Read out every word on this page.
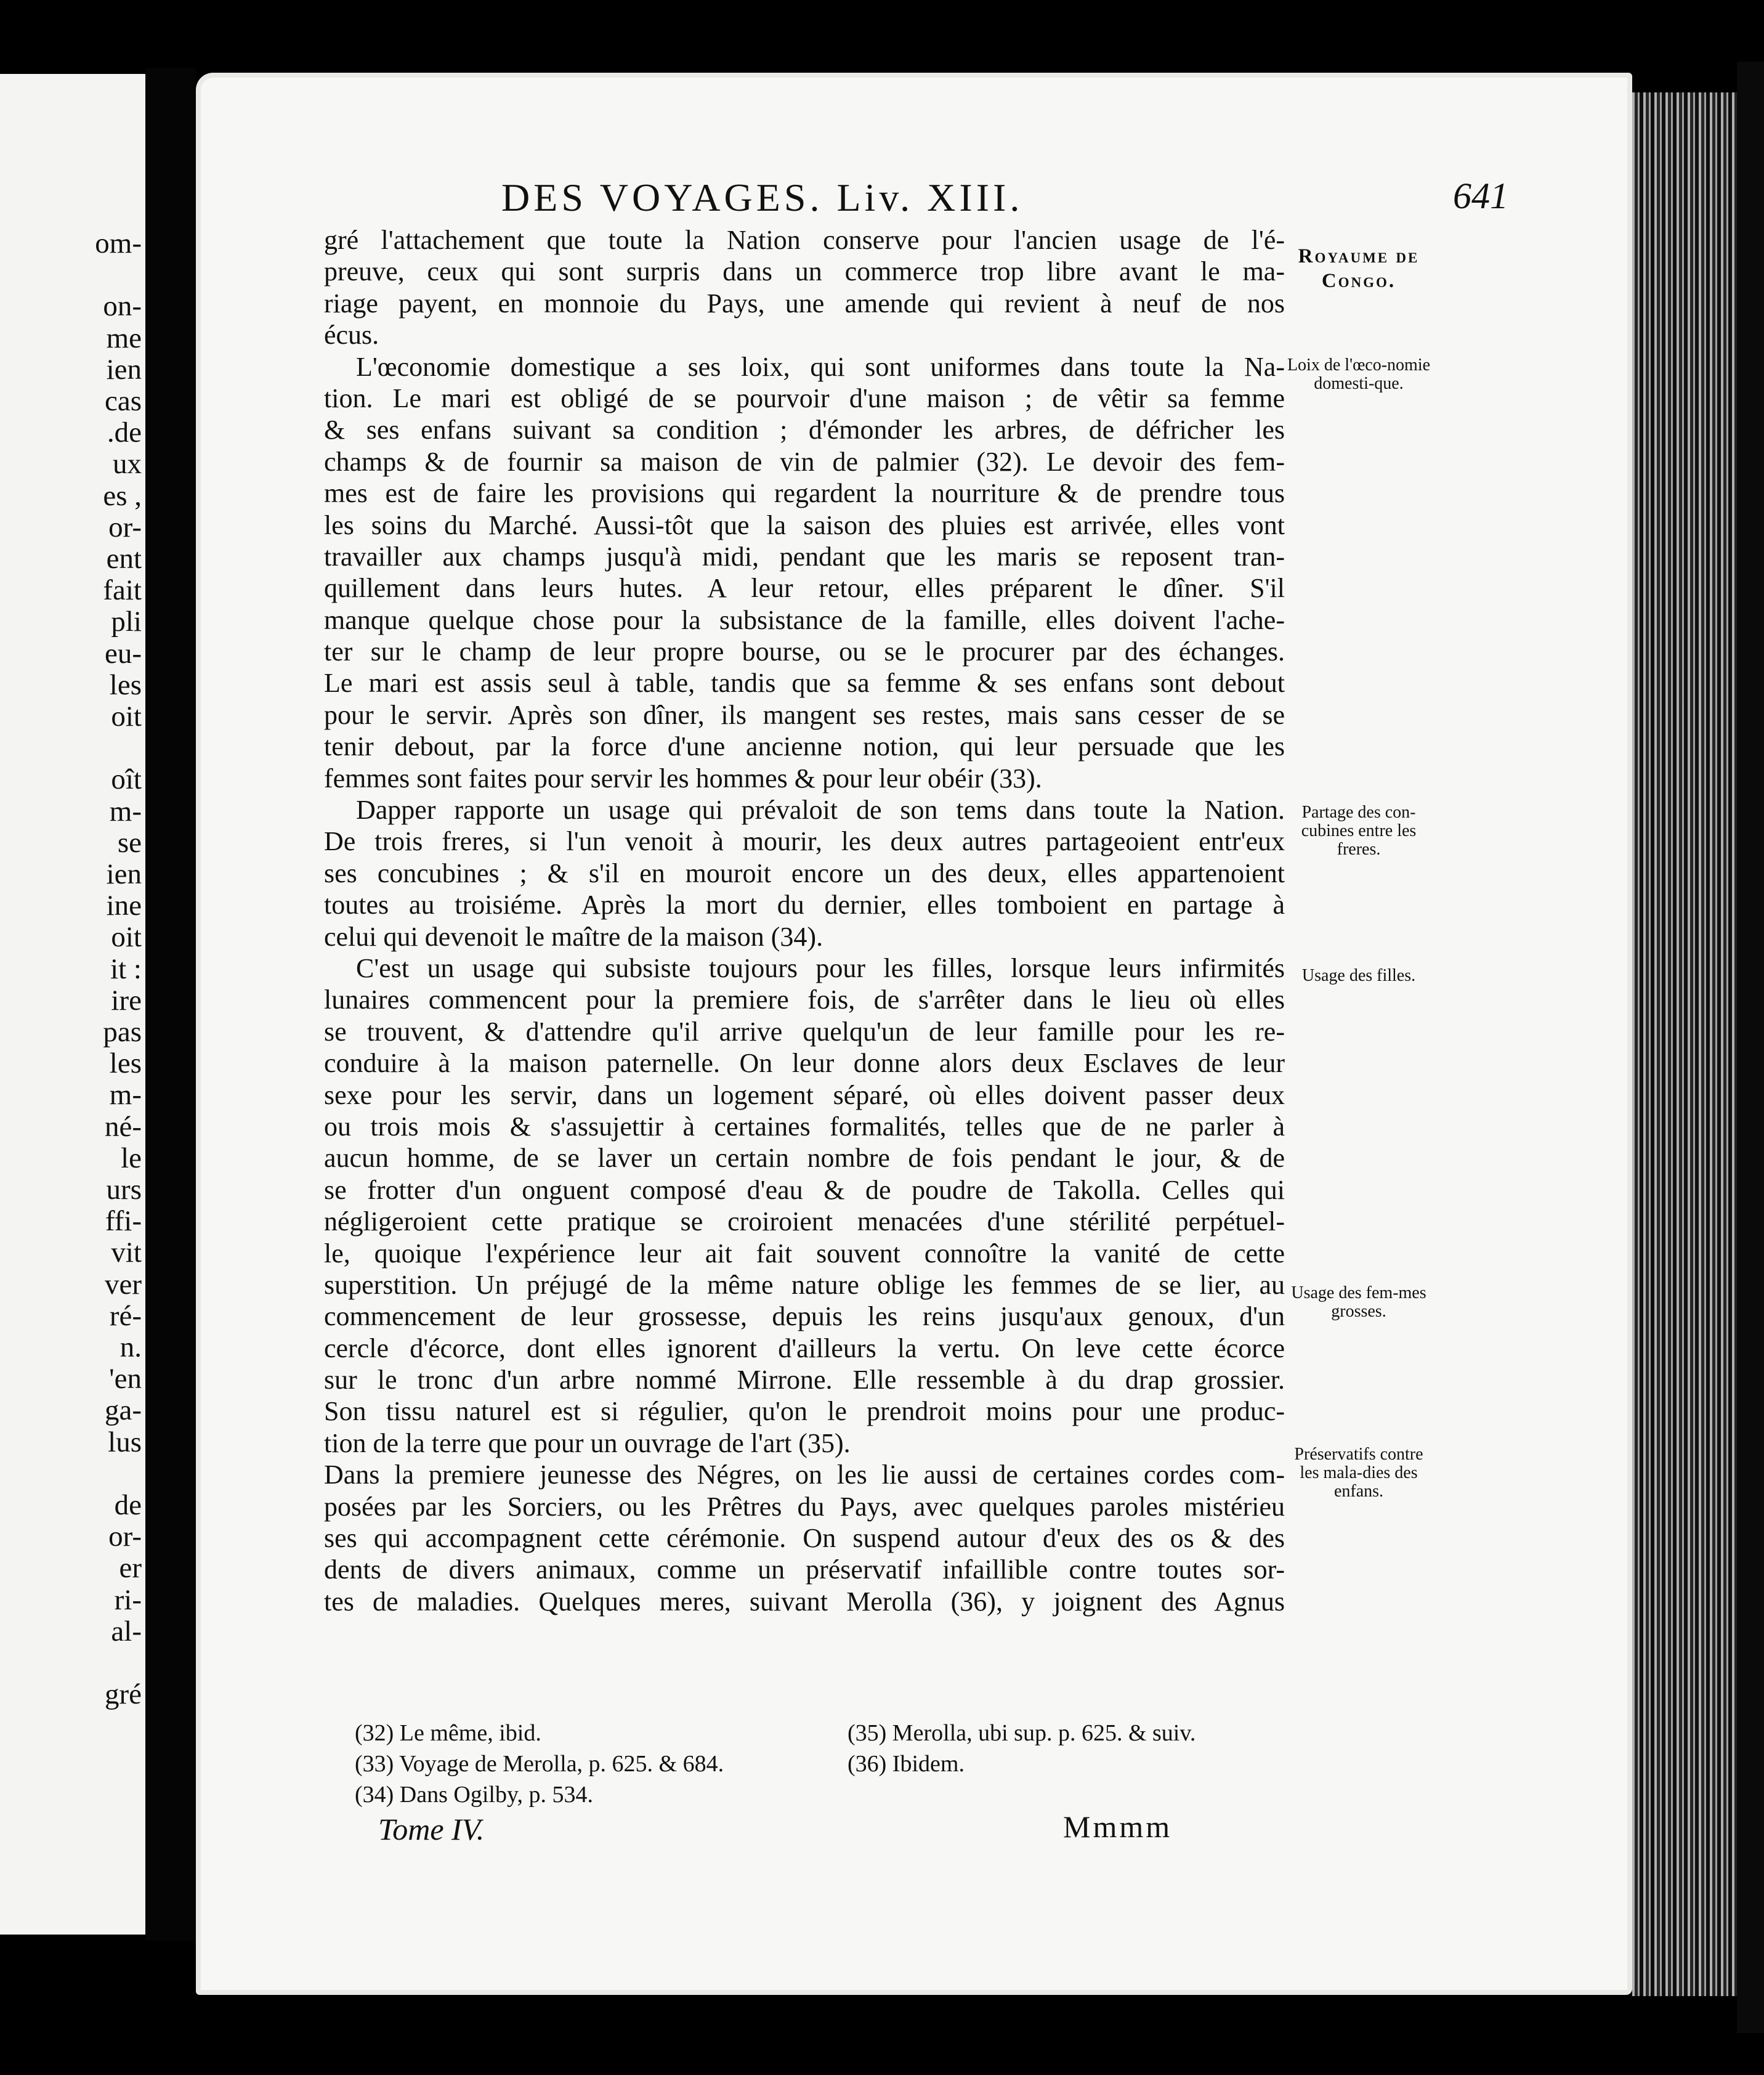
om-
on-
me
ien
cas
.de
ux
es ,
or-
ent
fait
pli
eu-
les
oit
oît
m-
se
ien
ine
oit
it :
ire
pas
les
m-
né-
le
urs
ffi-
vit
ver
ré-
n.
'en
ga-
lus
de
or-
er
ri-
al-
gré
DES VOYAGES. Liv. XIII.	641
gré l'attachement que toute la Nation conserve pour l'ancien usage de l'é-
preuve, ceux qui sont surpris dans un commerce trop libre avant le ma-
riage payent, en monnoie du Pays, une amende qui revient à neuf de nos
écus.
L'œconomie domestique a ses loix, qui sont uniformes dans toute la Na-
tion. Le mari est obligé de se pourvoir d'une maison ; de vêtir sa femme
& ses enfans suivant sa condition ; d'émonder les arbres, de défricher les
champs & de fournir sa maison de vin de palmier (32). Le devoir des fem-
mes est de faire les provisions qui regardent la nourriture & de prendre tous
les soins du Marché. Aussi-tôt que la saison des pluies est arrivée, elles vont
travailler aux champs jusqu'à midi, pendant que les maris se reposent tran-
quillement dans leurs hutes. A leur retour, elles préparent le dîner. S'il
manque quelque chose pour la subsistance de la famille, elles doivent l'ache-
ter sur le champ de leur propre bourse, ou se le procurer par des échanges.
Le mari est assis seul à table, tandis que sa femme & ses enfans sont debout
pour le servir. Après son dîner, ils mangent ses restes, mais sans cesser de se
tenir debout, par la force d'une ancienne notion, qui leur persuade que les
femmes sont faites pour servir les hommes & pour leur obéir (33).
Dapper rapporte un usage qui prévaloit de son tems dans toute la Nation.
De trois freres, si l'un venoit à mourir, les deux autres partageoient entr'eux
ses concubines ; & s'il en mouroit encore un des deux, elles appartenoient
toutes au troisiéme. Après la mort du dernier, elles tomboient en partage à
celui qui devenoit le maître de la maison (34).
C'est un usage qui subsiste toujours pour les filles, lorsque leurs infirmités
lunaires commencent pour la premiere fois, de s'arrêter dans le lieu où elles
se trouvent, & d'attendre qu'il arrive quelqu'un de leur famille pour les re-
conduire à la maison paternelle. On leur donne alors deux Esclaves de leur
sexe pour les servir, dans un logement séparé, où elles doivent passer deux
ou trois mois & s'assujettir à certaines formalités, telles que de ne parler à
aucun homme, de se laver un certain nombre de fois pendant le jour, & de
se frotter d'un onguent composé d'eau & de poudre de Takolla. Celles qui
négligeroient cette pratique se croiroient menacées d'une stérilité perpétuel-
le, quoique l'expérience leur ait fait souvent connoître la vanité de cette
superstition. Un préjugé de la même nature oblige les femmes de se lier, au
commencement de leur grossesse, depuis les reins jusqu'aux genoux, d'un
cercle d'écorce, dont elles ignorent d'ailleurs la vertu. On leve cette écorce
sur le tronc d'un arbre nommé Mirrone. Elle ressemble à du drap grossier.
Son tissu naturel est si régulier, qu'on le prendroit moins pour une produc-
tion de la terre que pour un ouvrage de l'art (35).
Dans la premiere jeunesse des Négres, on les lie aussi de certaines cordes com-
posées par les Sorciers, ou les Prêtres du Pays, avec quelques paroles mistérieu
ses qui accompagnent cette cérémonie. On suspend autour d'eux des os & des
dents de divers animaux, comme un préservatif infaillible contre toutes sor-
tes de maladies. Quelques meres, suivant Merolla (36), y joignent des Agnus
Royaume de Congo.
Loix de l'œco-nomie domesti-que.
Partage des con-cubines entre les freres.
Usage des filles.
Usage des fem-mes grosses.
Préservatifs contre les mala-dies des enfans.
(32) Le même, ibid.
(33) Voyage de Merolla, p. 625. & 684.
(34) Dans Ogilby, p. 534.
(35) Merolla, ubi sup. p. 625. & suiv.
(36) Ibidem.
Tome IV.	Mmmm
